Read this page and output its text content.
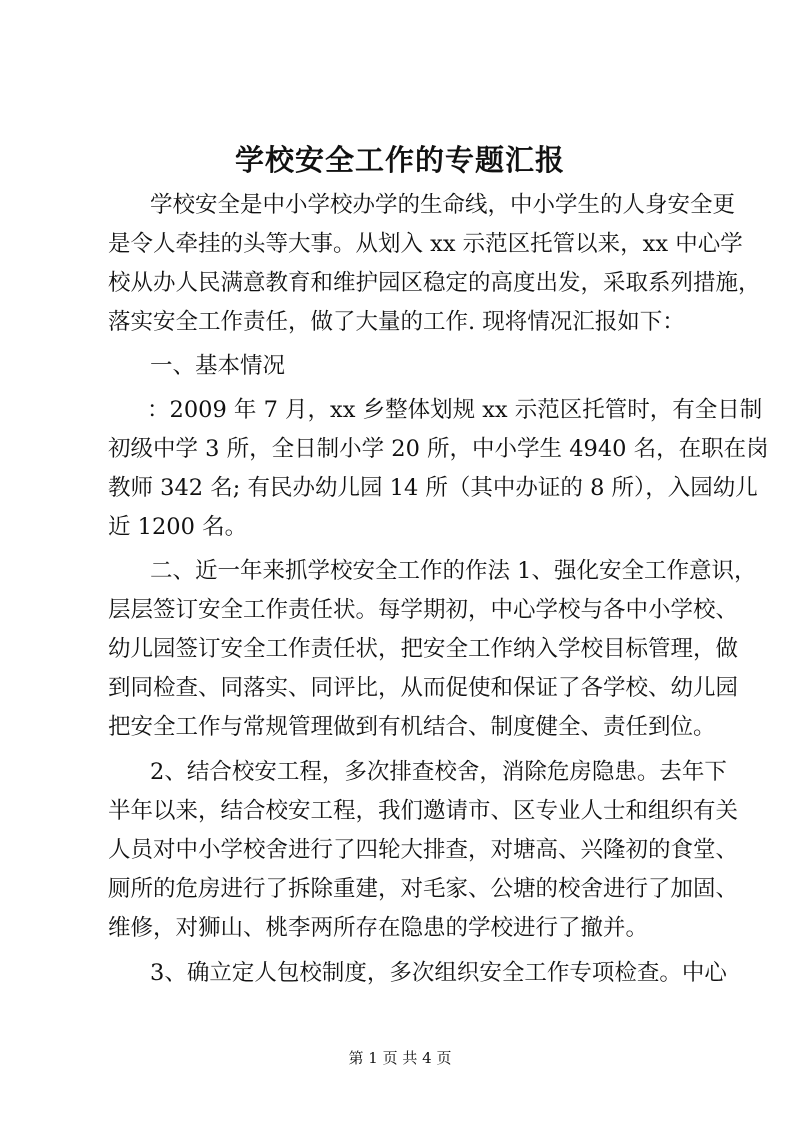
学校安全工作的专题汇报
学校安全是中小学校办学的生命线，中小学生的人身安全更
是令人牵挂的头等大事。从划入 xx 示范区托管以来，xx 中心学
校从办人民满意教育和维护园区稳定的高度出发，采取系列措施，
落实安全工作责任，做了大量的工作. 现将情况汇报如下：
一、基本情况
：2009 年 7 月，xx 乡整体划规 xx 示范区托管时，有全日制
初级中学 3 所，全日制小学 20 所，中小学生 4940 名，在职在岗
教师 342 名; 有民办幼儿园 14 所（其中办证的 8 所），入园幼儿
近 1200 名。
二、近一年来抓学校安全工作的作法 1、强化安全工作意识，
层层签订安全工作责任状。每学期初，中心学校与各中小学校、
幼儿园签订安全工作责任状，把安全工作纳入学校目标管理，做
到同检查、同落实、同评比，从而促使和保证了各学校、幼儿园
把安全工作与常规管理做到有机结合、制度健全、责任到位。
2、结合校安工程，多次排查校舍，消除危房隐患。去年下
半年以来，结合校安工程，我们邀请市、区专业人士和组织有关
人员对中小学校舍进行了四轮大排查，对塘高、兴隆初的食堂、
厕所的危房进行了拆除重建，对毛家、公塘的校舍进行了加固、
维修，对狮山、桃李两所存在隐患的学校进行了撤并。
3、确立定人包校制度，多次组织安全工作专项检查。中心
第 1 页 共 4 页
